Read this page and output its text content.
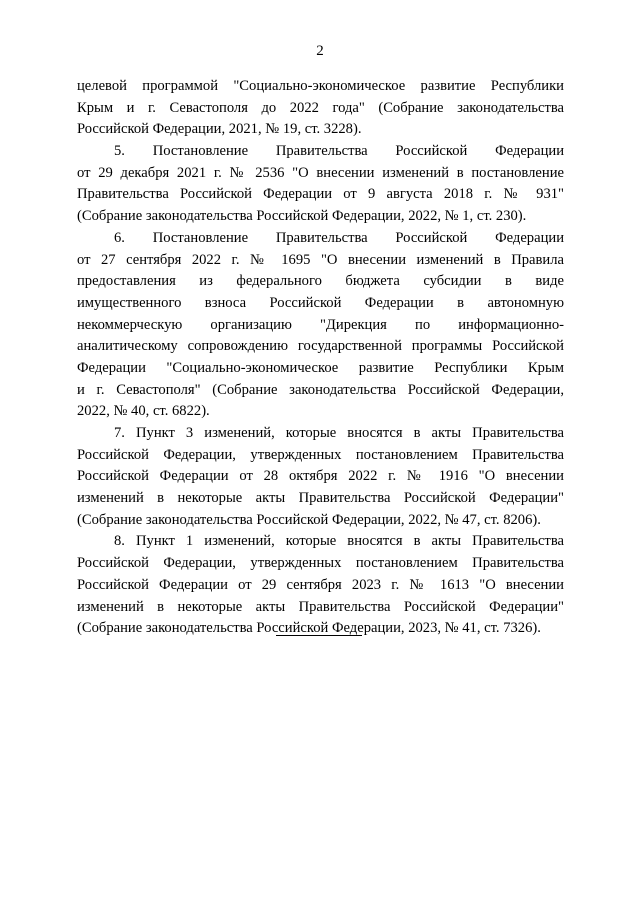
2

целевой программой "Социально-экономическое развитие Республики
Крым и г. Севастополя до 2022 года" (Собрание законодательства
Российской Федерации, 2021, № 19, ст. 3228).

5. Постановление Правительства Российской Федерации
от 29 декабря 2021 г. № 2536 "О внесении изменений в постановление
Правительства Российской Федерации от 9 августа 2018 г. № 931"
(Собрание законодательства Российской Федерации, 2022, № 1, ст. 230).

6. Постановление Правительства Российской Федерации
от 27 сентября 2022 г. № 1695 "О внесении изменений в Правила
предоставления из федерального бюджета субсидии в виде
имущественного взноса Российской Федерации в автономную
некоммерческую организацию "Дирекция по информационно-
аналитическому сопровождению государственной программы Российской
Федерации "Социально-экономическое развитие Республики Крым
и г. Севастополя" (Собрание законодательства Российской Федерации,
2022, № 40, ст. 6822).

7. Пункт 3 изменений, которые вносятся в акты Правительства
Российской Федерации, утвержденных постановлением Правительства
Российской Федерации от 28 октября 2022 г. № 1916 "О внесении
изменений в некоторые акты Правительства Российской Федерации"
(Собрание законодательства Российской Федерации, 2022, № 47, ст. 8206).

8. Пункт 1 изменений, которые вносятся в акты Правительства
Российской Федерации, утвержденных постановлением Правительства
Российской Федерации от 29 сентября 2023 г. № 1613 "О внесении
изменений в некоторые акты Правительства Российской Федерации"
(Собрание законодательства Российской Федерации, 2023, № 41, ст. 7326).
